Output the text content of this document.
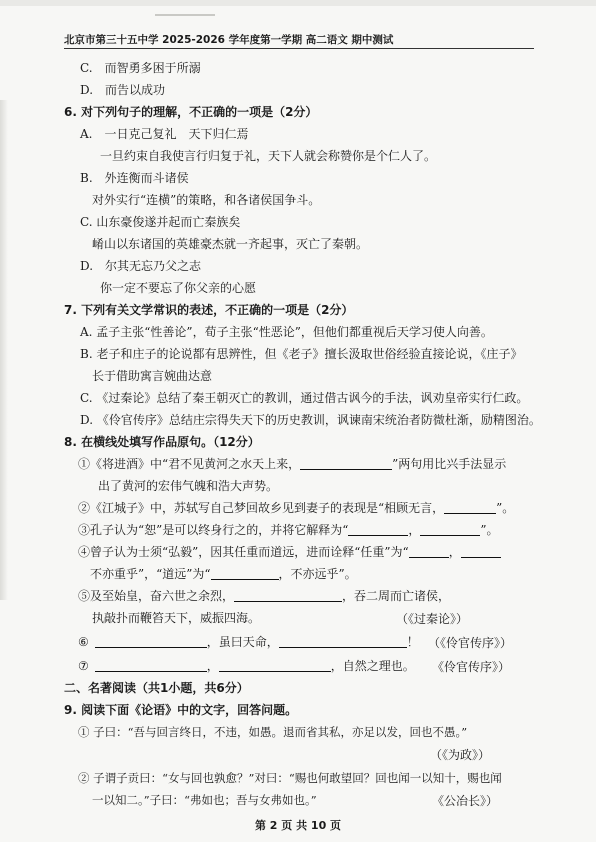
北京市第三十五中学 2025-2026 学年度第一学期 高二语文 期中测试
C.　而智勇多困于所溺
D.　而告以成功
6. 对下列句子的理解，不正确的一项是（2分）
A.　一日克己复礼　天下归仁焉
一旦约束自我使言行归复于礼，天下人就会称赞你是个仁人了。
B.　外连衡而斗诸侯
对外实行“连横”的策略，和各诸侯国争斗。
C. 山东豪俊遂并起而亡秦族矣
崤山以东诸国的英雄豪杰就一齐起事，灭亡了秦朝。
D.　尔其无忘乃父之志
你一定不要忘了你父亲的心愿
7. 下列有关文学常识的表述，不正确的一项是（2分）
A. 孟子主张“性善论”，荀子主张“性恶论”，但他们都重视后天学习使人向善。
B. 老子和庄子的论说都有思辨性，但《老子》擅长汲取世俗经验直接论说，《庄子》
长于借助寓言婉曲达意
C. 《过秦论》总结了秦王朝灭亡的教训，通过借古讽今的手法，讽劝皇帝实行仁政。
D. 《伶官传序》总结庄宗得失天下的历史教训，讽谏南宋统治者防微杜渐，励精图治。
8. 在横线处填写作品原句。（12分）
①《将进酒》中“君不见黄河之水天上来，	”两句用比兴手法显示
出了黄河的宏伟气魄和浩大声势。
②《江城子》中，苏轼写自己梦回故乡见到妻子的表现是“相顾无言，	”。
③孔子认为“恕”是可以终身行之的，并将它解释为“	，	”。
④曾子认为士须“弘毅”，因其任重而道远，进而诠释“任重”为“	，
不亦重乎”，“道远”为“	，不亦远乎”。
⑤及至始皇，奋六世之余烈，	，吞二周而亡诸侯，
执敲扑而鞭笞天下，威振四海。	（《过秦论》）
⑥	，虽曰天命，	！ （《伶官传序》）
⑦	，	，自然之理也。 《伶官传序》）
二、名著阅读（共1小题，共6分）
9. 阅读下面《论语》中的文字，回答问题。
① 子曰：“吾与回言终日，不违，如愚。退而省其私，亦足以发，回也不愚。”
（《为政》）
② 子谓子贡曰：“女与回也孰愈？”对曰：“赐也何敢望回？回也闻一以知十，赐也闻
一以知二。”子曰：“弗如也；吾与女弗如也。”	《公冶长》）
第 2 页 共 10 页
